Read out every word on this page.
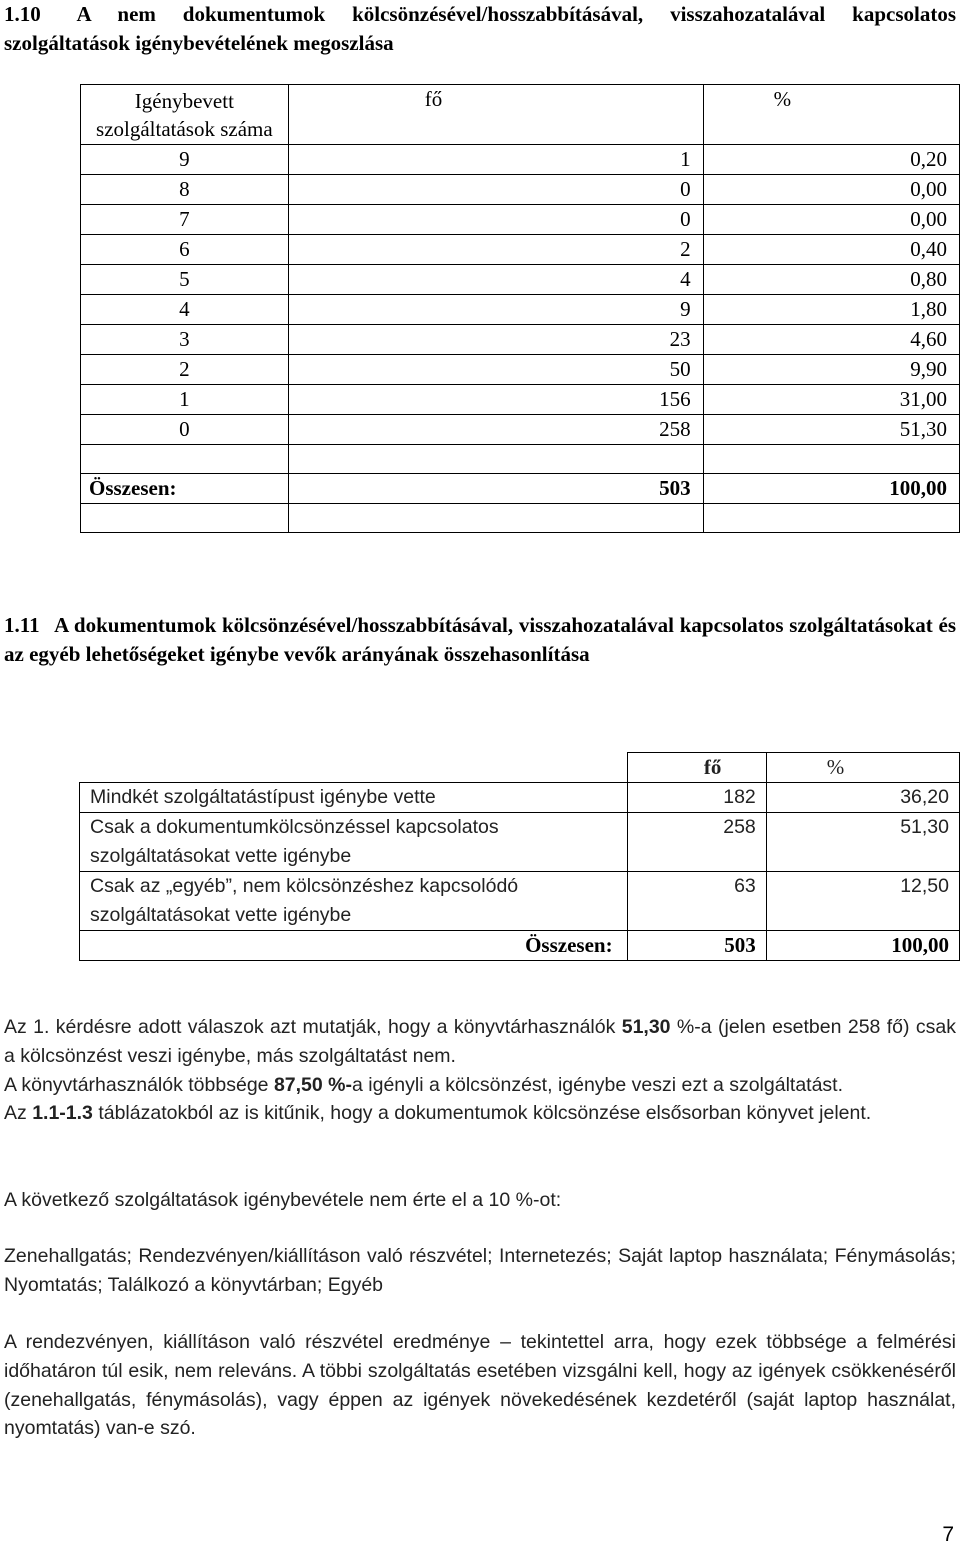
1.10 A nem dokumentumok kölcsönzésével/hosszabbításával, visszahozatalával kapcsolatos szolgáltatások igénybevételének megoszlása
Igénybevett szolgáltatások száma	fő	%
9	1	0,20
8	0	0,00
7	0	0,00
6	2	0,40
5	4	0,80
4	9	1,80
3	23	4,60
2	50	9,90
1	156	31,00
0	258	51,30

Összesen:	503	100,00

1.11 A dokumentumok kölcsönzésével/hosszabbításával, visszahozatalával kapcsolatos szolgáltatásokat és az egyéb lehetőségeket igénybe vevők arányának összehasonlítása
	fő	%
Mindkét szolgáltatástípust igénybe vette	182	36,20
Csak a dokumentumkölcsönzéssel kapcsolatos szolgáltatásokat vette igénybe	258	51,30
Csak az „egyéb”, nem kölcsönzéshez kapcsolódó szolgáltatásokat vette igénybe	63	12,50
Összesen:	503	100,00

Az 1. kérdésre adott válaszok azt mutatják, hogy a könyvtárhasználók 51,30 %-a (jelen esetben 258 fő) csak a kölcsönzést veszi igénybe, más szolgáltatást nem.
A könyvtárhasználók többsége 87,50 %-a igényli a kölcsönzést, igénybe veszi ezt a szolgáltatást.
Az 1.1-1.3 táblázatokból az is kitűnik, hogy a dokumentumok kölcsönzése elsősorban könyvet jelent.

A következő szolgáltatások igénybevétele nem érte el a 10 %-ot:

Zenehallgatás; Rendezvényen/kiállításon való részvétel; Internetezés; Saját laptop használata; Fénymásolás; Nyomtatás; Találkozó a könyvtárban; Egyéb

A rendezvényen, kiállításon való részvétel eredménye – tekintettel arra, hogy ezek többsége a felmérési időhatáron túl esik, nem releváns. A többi szolgáltatás esetében vizsgálni kell, hogy az igények csökkenéséről (zenehallgatás, fénymásolás), vagy éppen az igények növekedésének kezdetéről (saját laptop használat, nyomtatás) van-e szó.

7
